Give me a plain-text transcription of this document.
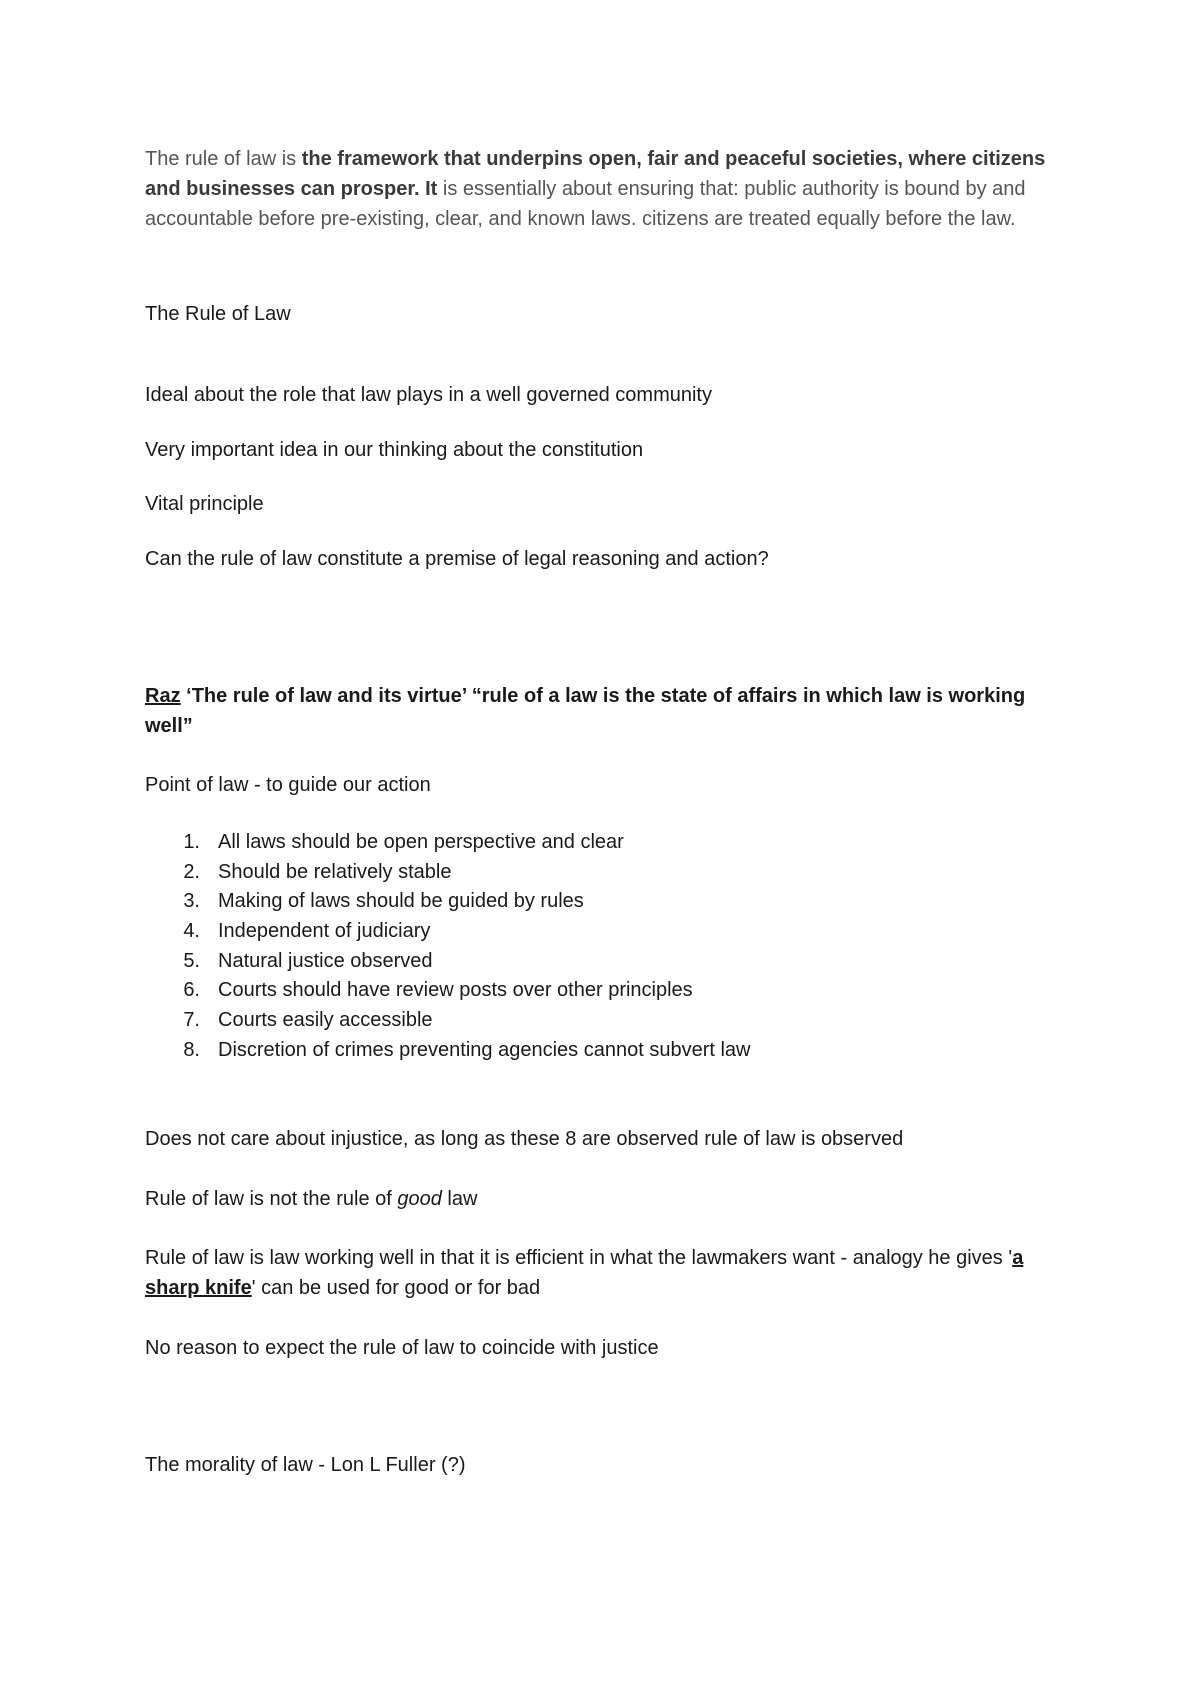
The rule of law is the framework that underpins open, fair and peaceful societies, where citizens and businesses can prosper. It is essentially about ensuring that: public authority is bound by and accountable before pre-existing, clear, and known laws. citizens are treated equally before the law.

The Rule of Law

Ideal about the role that law plays in a well governed community

Very important idea in our thinking about the constitution

Vital principle

Can the rule of law constitute a premise of legal reasoning and action?

Raz ‘The rule of law and its virtue’ “rule of a law is the state of affairs in which law is working well”

Point of law - to guide our action

1. All laws should be open perspective and clear
2. Should be relatively stable
3. Making of laws should be guided by rules
4. Independent of judiciary
5. Natural justice observed
6. Courts should have review posts over other principles
7. Courts easily accessible
8. Discretion of crimes preventing agencies cannot subvert law

Does not care about injustice, as long as these 8 are observed rule of law is observed

Rule of law is not the rule of good law

Rule of law is law working well in that it is efficient in what the lawmakers want - analogy he gives 'a sharp knife' can be used for good or for bad

No reason to expect the rule of law to coincide with justice

The morality of law - Lon L Fuller (?)
